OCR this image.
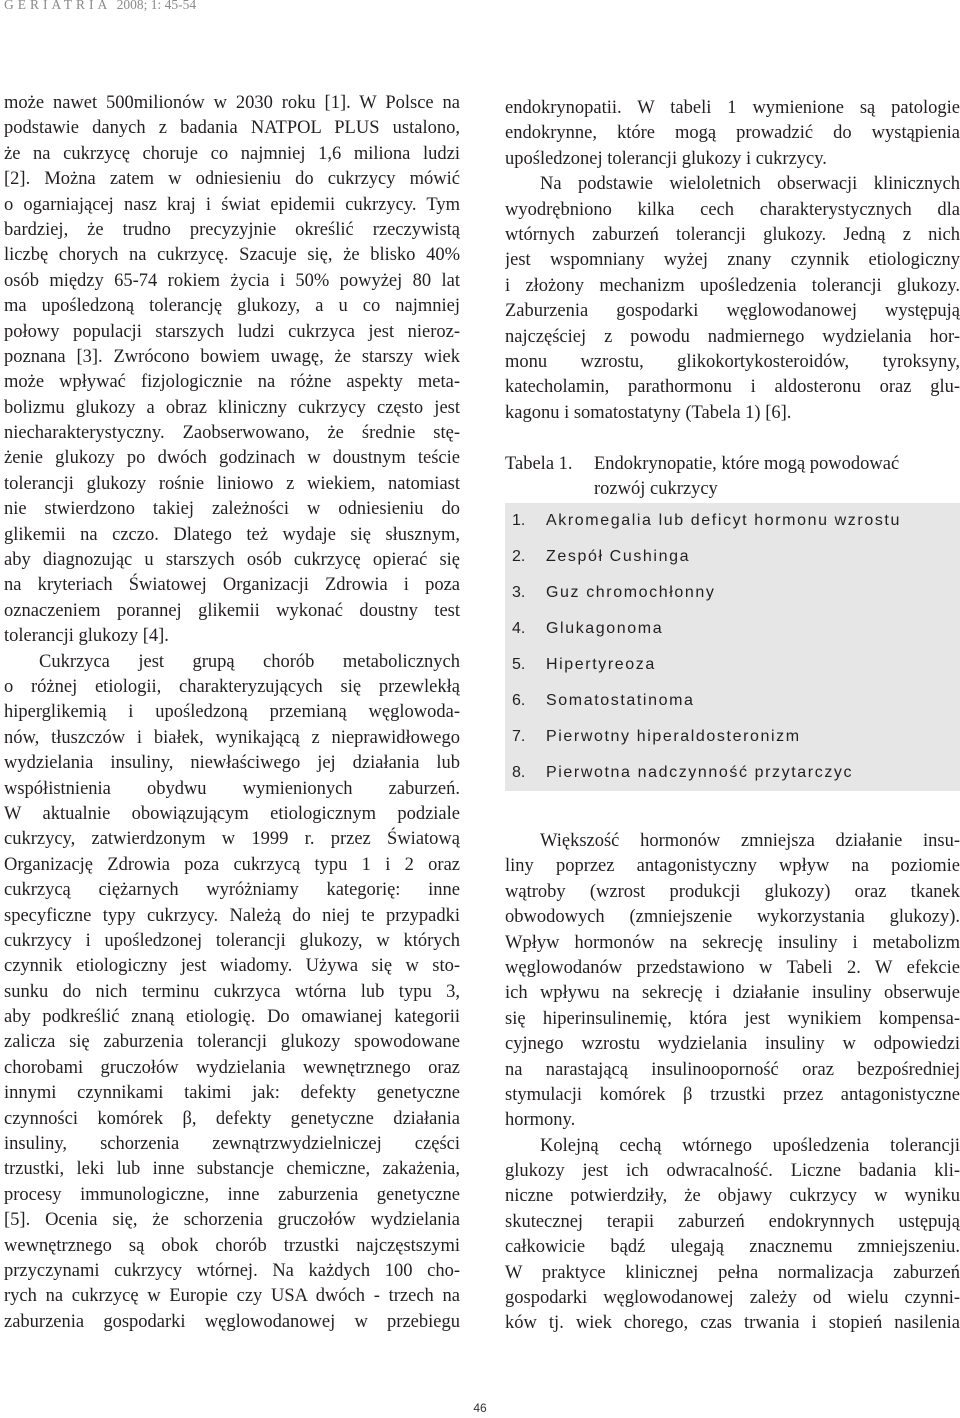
GERIATRIA 2008; 1: 45-54
może nawet 500milionów w 2030 roku [1]. W Polsce na
podstawie danych z badania NATPOL PLUS ustalono,
że na cukrzycę choruje co najmniej 1,6 miliona ludzi
[2]. Można zatem w odniesieniu do cukrzycy mówić
o ogarniającej nasz kraj i świat epidemii cukrzycy. Tym
bardziej, że trudno precyzyjnie określić rzeczywistą
liczbę chorych na cukrzycę. Szacuje się, że blisko 40%
osób między 65-74 rokiem życia i 50% powyżej 80 lat
ma upośledzoną tolerancję glukozy, a u co najmniej
połowy populacji starszych ludzi cukrzyca jest nieroz-
poznana [3]. Zwrócono bowiem uwagę, że starszy wiek
może wpływać fizjologicznie na różne aspekty meta-
bolizmu glukozy a obraz kliniczny cukrzycy często jest
niecharakterystyczny. Zaobserwowano, że średnie stę-
żenie glukozy po dwóch godzinach w doustnym teście
tolerancji glukozy rośnie liniowo z wiekiem, natomiast
nie stwierdzono takiej zależności w odniesieniu do
glikemii na czczo. Dlatego też wydaje się słusznym,
aby diagnozując u starszych osób cukrzycę opierać się
na kryteriach Światowej Organizacji Zdrowia i poza
oznaczeniem porannej glikemii wykonać doustny test
tolerancji glukozy [4].
Cukrzyca jest grupą chorób metabolicznych
o różnej etiologii, charakteryzujących się przewlekłą
hiperglikemią i upośledzoną przemianą węglowoda-
nów, tłuszczów i białek, wynikającą z nieprawidłowego
wydzielania insuliny, niewłaściwego jej działania lub
współistnienia obydwu wymienionych zaburzeń.
W aktualnie obowiązującym etiologicznym podziale
cukrzycy, zatwierdzonym w 1999 r. przez Światową
Organizację Zdrowia poza cukrzycą typu 1 i 2 oraz
cukrzycą ciężarnych wyróżniamy kategorię: inne
specyficzne typy cukrzycy. Należą do niej te przypadki
cukrzycy i upośledzonej tolerancji glukozy, w których
czynnik etiologiczny jest wiadomy. Używa się w sto-
sunku do nich terminu cukrzyca wtórna lub typu 3,
aby podkreślić znaną etiologię. Do omawianej kategorii
zalicza się zaburzenia tolerancji glukozy spowodowane
chorobami gruczołów wydzielania wewnętrznego oraz
innymi czynnikami takimi jak: defekty genetyczne
czynności komórek β, defekty genetyczne działania
insuliny, schorzenia zewnątrzwydzielniczej części
trzustki, leki lub inne substancje chemiczne, zakażenia,
procesy immunologiczne, inne zaburzenia genetyczne
[5]. Ocenia się, że schorzenia gruczołów wydzielania
wewnętrznego są obok chorób trzustki najczęstszymi
przyczynami cukrzycy wtórnej. Na każdych 100 cho-
rych na cukrzycę w Europie czy USA dwóch - trzech na
zaburzenia gospodarki węglowodanowej w przebiegu
endokrynopatii. W tabeli 1 wymienione są patologie
endokrynne, które mogą prowadzić do wystąpienia
upośledzonej tolerancji glukozy i cukrzycy.
Na podstawie wieloletnich obserwacji klinicznych
wyodrębniono kilka cech charakterystycznych dla
wtórnych zaburzeń tolerancji glukozy. Jedną z nich
jest wspomniany wyżej znany czynnik etiologiczny
i złożony mechanizm upośledzenia tolerancji glukozy.
Zaburzenia gospodarki węglowodanowej występują
najczęściej z powodu nadmiernego wydzielania hor-
monu wzrostu, glikokortykosteroidów, tyroksyny,
katecholamin, parathormonu i aldosteronu oraz glu-
kagonu i somatostatyny (Tabela 1) [6].
Tabela 1.	Endokrynopatie, które mogą powodować
rozwój cukrzycy
1.	Akromegalia lub deficyt hormonu wzrostu
2.	Zespół Cushinga
3.	Guz chromochłonny
4.	Glukagonoma
5.	Hipertyreoza
6.	Somatostatinoma
7.	Pierwotny hiperaldosteronizm
8.	Pierwotna nadczynność przytarczyc
Większość hormonów zmniejsza działanie insu-
liny poprzez antagonistyczny wpływ na poziomie
wątroby (wzrost produkcji glukozy) oraz tkanek
obwodowych (zmniejszenie wykorzystania glukozy).
Wpływ hormonów na sekrecję insuliny i metabolizm
węglowodanów przedstawiono w Tabeli 2. W efekcie
ich wpływu na sekrecję i działanie insuliny obserwuje
się hiperinsulinemię, która jest wynikiem kompensa-
cyjnego wzrostu wydzielania insuliny w odpowiedzi
na narastającą insulinooporność oraz bezpośredniej
stymulacji komórek β trzustki przez antagonistyczne
hormony.
Kolejną cechą wtórnego upośledzenia tolerancji
glukozy jest ich odwracalność. Liczne badania kli-
niczne potwierdziły, że objawy cukrzycy w wyniku
skutecznej terapii zaburzeń endokrynnych ustępują
całkowicie bądź ulegają znacznemu zmniejszeniu.
W praktyce klinicznej pełna normalizacja zaburzeń
gospodarki węglowodanowej zależy od wielu czynni-
ków tj. wiek chorego, czas trwania i stopień nasilenia
46
